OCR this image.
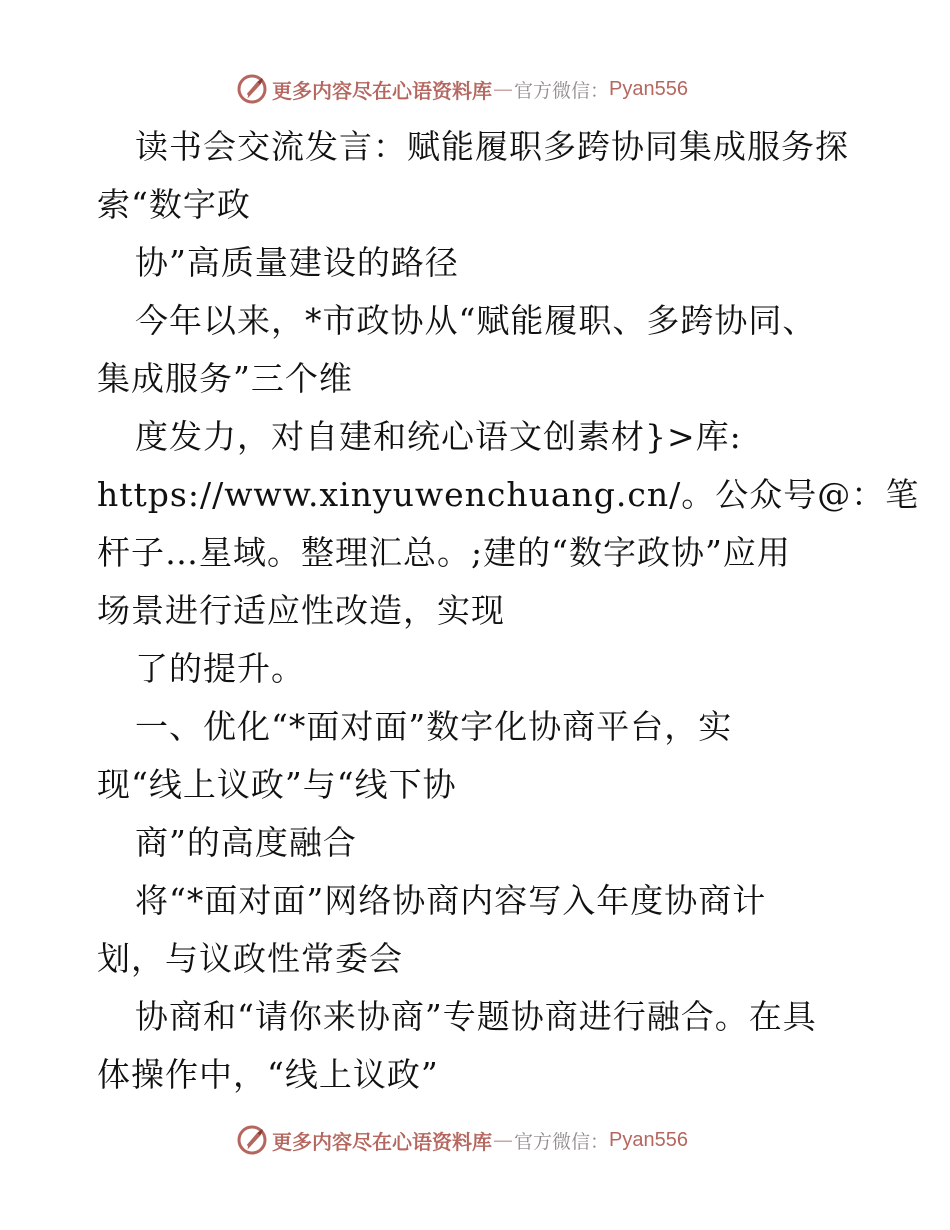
更多内容尽在心语资料库 — 官方微信： Pyan556
读书会交流发言：赋能履职多跨协同集成服务探
索“数字政
协”高质量建设的路径
今年以来，*市政协从“赋能履职、多跨协同、
集成服务”三个维
度发力，对自建和统心语文创素材}>库:
https://www.xinyuwenchuang.cn/。公众号@：笔
杆子…星域。整理汇总。;建的“数字政协”应用
场景进行适应性改造，实现
了的提升。
一、优化“*面对面”数字化协商平台，实
现“线上议政”与“线下协
商”的高度融合
将“*面对面”网络协商内容写入年度协商计
划，与议政性常委会
协商和“请你来协商”专题协商进行融合。在具
体操作中，“线上议政”
更多内容尽在心语资料库 — 官方微信： Pyan556
